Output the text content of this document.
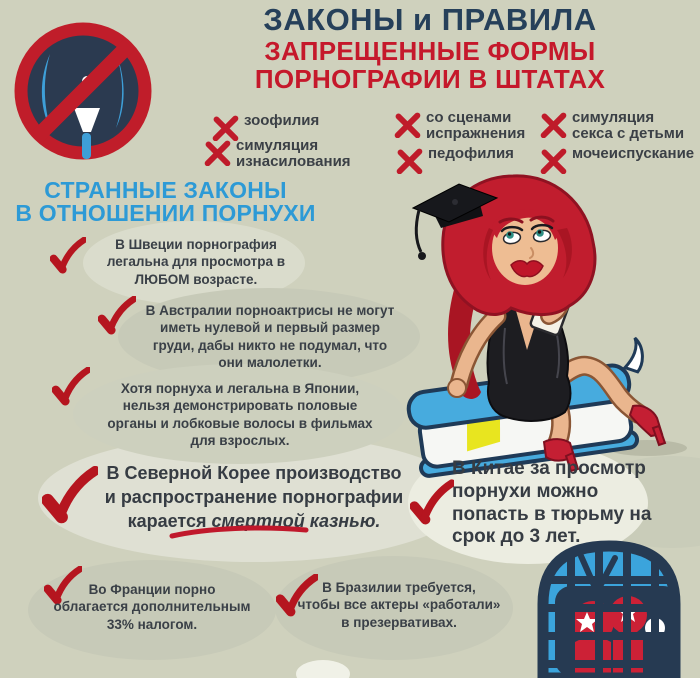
ЗАКОНЫ и ПРАВИЛА
ЗАПРЕЩЕННЫЕ ФОРМЫ
ПОРНОГРАФИИ В ШТАТАХ
зоофилия
симуляция
изнасилования
со сценами
испражнения
педофилия
симуляция
секса с детьми
мочеиспускание
СТРАННЫЕ ЗАКОНЫ
В ОТНОШЕНИИ ПОРНУХИ
В Швеции порнография
легальна для просмотра в
ЛЮБОМ возрасте.
В Австралии порноактрисы не могут
иметь нулевой и первый размер
груди, дабы никто не подумал, что
они малолетки.
Хотя порнуха и легальна в Японии,
нельзя демонстрировать половые
органы и лобковые волосы в фильмах
для взрослых.
В Северной Корее производство
и распространение порнографии
карается смертной казнью.
Во Франции порно
облагается дополнительным
33% налогом.
В Бразилии требуется,
чтобы все актеры «работали»
в презервативах.
В Китае за просмотр
порнухи можно
попасть в тюрьму на
срок до 3 лет.
